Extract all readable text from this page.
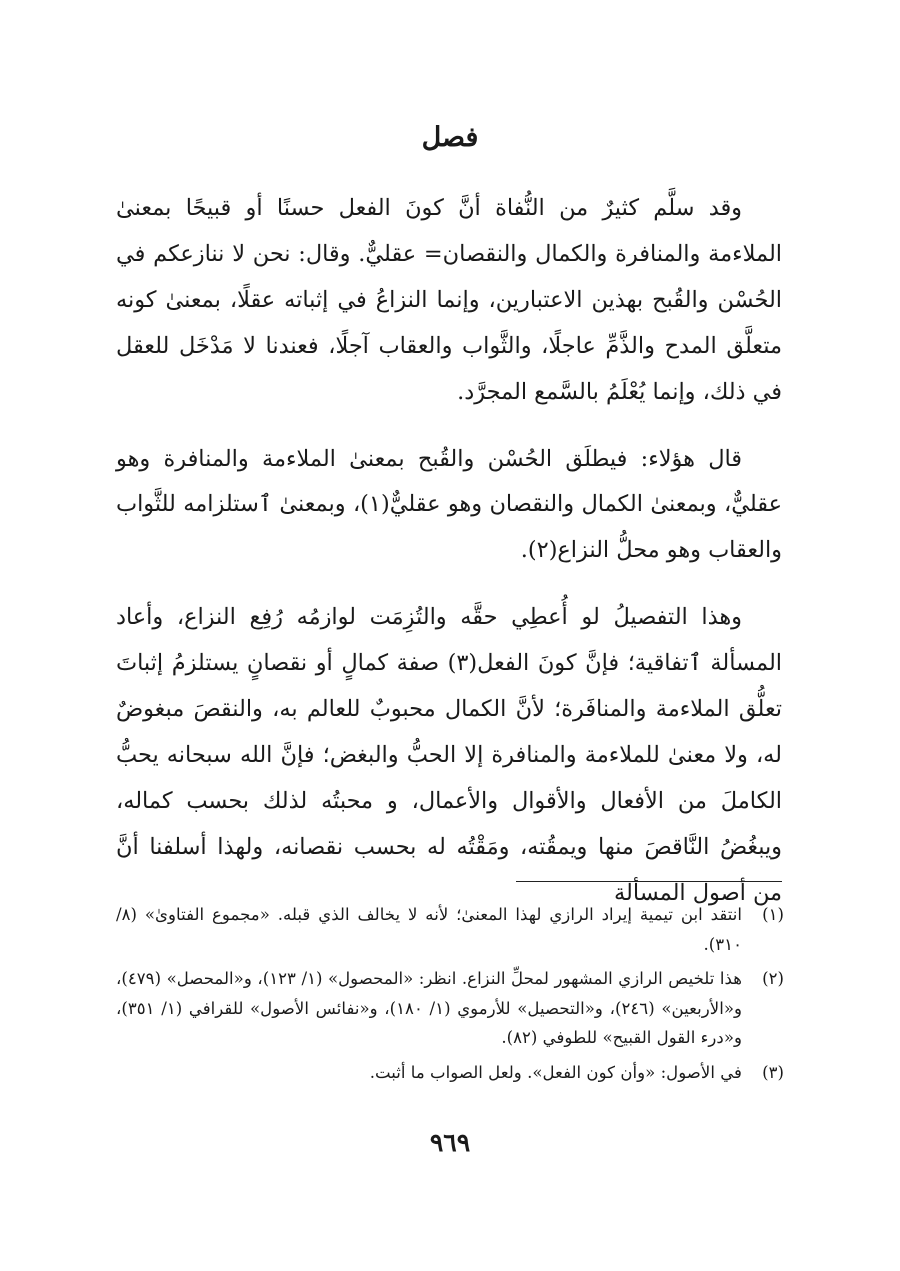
فصل

وقد سلَّم كثيرٌ من النُّفاة أنَّ كونَ الفعل حسنًا أو قبيحًا بمعنىٰ الملاءمة والمنافرة والكمال والنقصان= عقليٌّ. وقال: نحن لا ننازعكم في الحُسْن والقُبح بهذين الاعتبارين، وإنما النزاعُ في إثباته عقلًا، بمعنىٰ كونه متعلَّق المدح والذَّمِّ عاجلًا، والثَّواب والعقاب آجلًا، فعندنا لا مَدْخَل للعقل في ذلك، وإنما يُعْلَمُ بالسَّمع المجرَّد.

قال هؤلاء: فيطلَق الحُسْن والقُبح بمعنىٰ الملاءمة والمنافرة وهو عقليٌّ، وبمعنىٰ الكمال والنقصان وهو عقليٌّ(١)، وبمعنىٰ ٱستلزامه للثَّواب والعقاب وهو محلُّ النزاع(٢).

وهذا التفصيلُ لو أُعطِي حقَّه والتُزِمَت لوازمُه رُفِع النزاع، وأعاد المسألة ٱتفاقية؛ فإنَّ كونَ الفعل(٣) صفة كمالٍ أو نقصانٍ يستلزمُ إثباتَ تعلُّق الملاءمة والمنافَرة؛ لأنَّ الكمال محبوبٌ للعالم به، والنقصَ مبغوضٌ له، ولا معنىٰ للملاءمة والمنافرة إلا الحبُّ والبغض؛ فإنَّ الله سبحانه يحبُّ الكاملَ من الأفعال والأقوال والأعمال، و محبتُه لذلك بحسب كماله، ويبغُضُ النَّاقصَ منها ويمقُته، ومَقْتُه له بحسب نقصانه، ولهذا أسلفنا أنَّ من أصول المسألة

(١)
انتقد ابن تيمية إيراد الرازي لهذا المعنىٰ؛ لأنه لا يخالف الذي قبله. «مجموع الفتاوىٰ» (٨/ ٣١٠).
(٢)
هذا تلخيص الرازي المشهور لمحلِّ النزاع. انظر: «المحصول» (١/ ١٢٣)، و«المحصل» (٤٧٩)، و«الأربعين» (٢٤٦)، و«التحصيل» للأرموي (١/ ١٨٠)، و«نفائس الأصول» للقرافي (١/ ٣٥١)، و«درء القول القبيح» للطوفي (٨٢).
(٣)
في الأصول: «وأن كون الفعل». ولعل الصواب ما أثبت.
٩٦٩
